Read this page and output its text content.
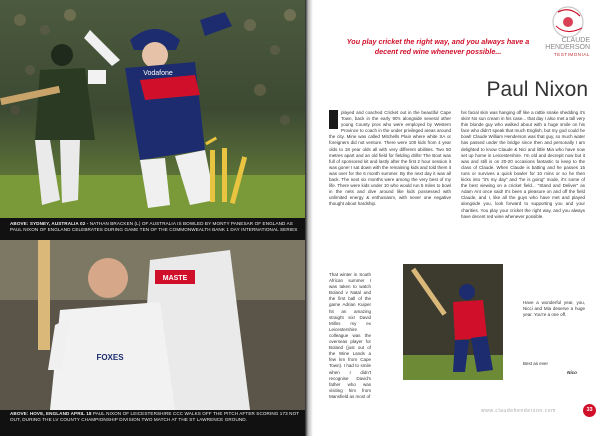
Vodafone
ABOVE: SYDNEY, AUSTRALIA 02 - NATHAN BRACKEN (L) OF AUSTRALIA IS BOWLED BY MONTY PANESAR OF ENGLAND AS PAUL NIXON OF ENGLAND CELEBRATES DURING GAME TEN OF THE COMMONWEALTH BANK 1 DAY INTERNATIONAL SERIES
MASTE
FOXES
ABOVE: HOVE, ENGLAND APRIL 18 PAUL NIXON OF LEICESTERSHIRE CCC WALKS OFF THE PITCH AFTER SCORING 173 NOT OUT, DURING THE LV COUNTY CHAMPIONSHIP DIVISION TWO MATCH AT THE ST LAWRENCE GROUND.
CLAUDE
HENDERSON
TESTIMONIAL
You play cricket the right way, and you always have a decent red wine whenever possible...
Paul Nixon
played and coached Cricket out in the beautiful Cape Town, back in the early 90's alongside several other young County pros who were employed by Western Province to coach in the under privileged areas around the city. Mine was called Mitchells Plain where white SA or foreigners did not venture. There were 100 kids from 4 year olds to 18 year olds all with very different abilities. Two 50 metres apart and an old field for fielding drills! The Boot was full of sponsored kit and lastly after the first 2 hour session it was gone! I sat down with the remaining kids and told them it was over for the 6 month summer. By the next day it was all back. The next six months were among the very best of my life. There were kids under 10 who would run 5 miles to bowl in the nets and dive around like kids possessed with unlimited energy & enthusiasm, with never one negative thought about hardship.
his facial skin was hanging off like a rattle snake shedding it's skin! No sun cream in his case... that day I also met a tall very thin blonde guy who walked about with a huge smile on his face who didn't speak that much English, but my god could he bowl! Claude William Henderson was that guy, so much water has passed under the bridge since then and personally I am delighted to know Claude & Nici and little Mia who have now set up home in Leicestershire. I'm old and decrepit now but it was and still is on 20-20 occasions fantastic to keep to the class of Claude. When Claude is batting and he passes 15 runs or survives a quick bowler for 10 mins or so he then kicks into "it's my day" and "he is going" mode, it's some of the best viewing on a cricket field... "Stand and Deliver" as Adam Ant once said! It's been a pleasure on and off the field Claude, and I, like all the guys who have met and played alongside you, look forward to supporting you and your charities. You play your cricket the right way, and you always have decent red wine whenever possible.
That winter in South African summer I was taken to watch Boland v Natal and the first ball of the game Adrian Kuiper hit an amazing straight six! David Millns my ex Leicestershire colleague was the overseas player for Boland (just out of the Wine Lands a few km from Cape Town). I had to smile when I didn't recognise David's father who was visiting him from Mansfield as most of
Have a wonderful year, you, Nicci and Mia deserve a huge year. You're a one off.
Best as ever
Nico
www.claudehenderson.com	33
